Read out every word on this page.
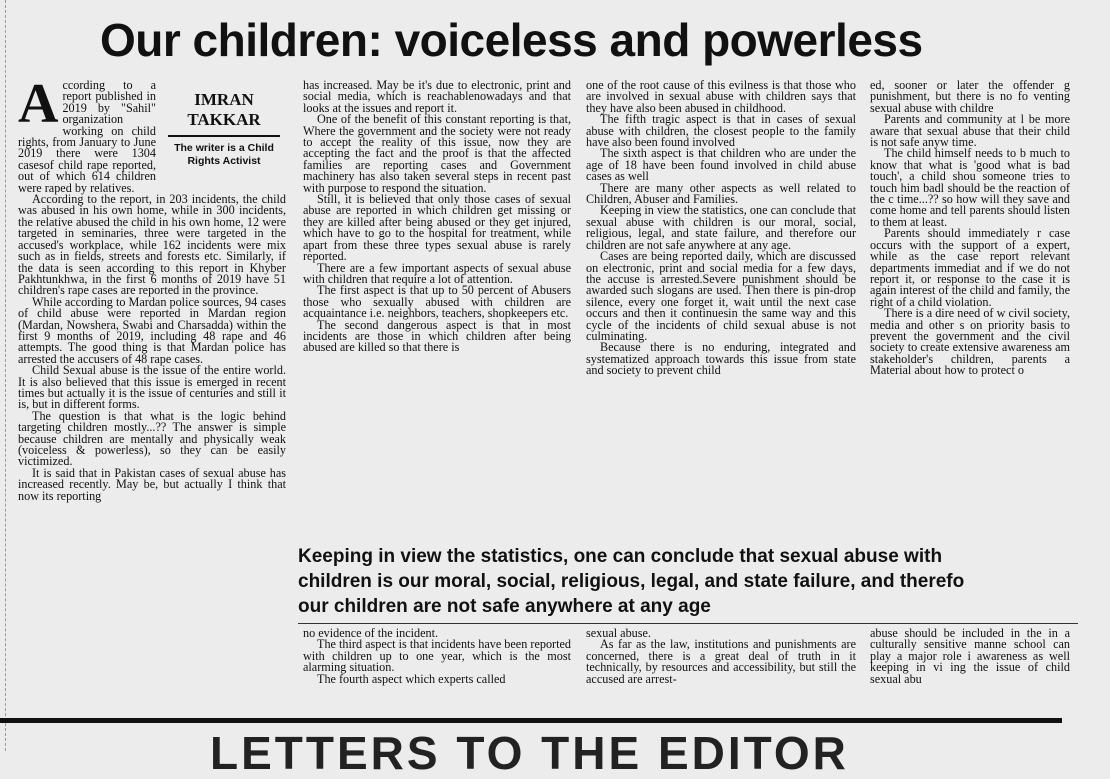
Our children: voiceless and powerless
IMRAN
TAKKAR
The writer is a Child Rights Activist

According to a report published in 2019 by "Sahil" organization working on child rights, from January to June 2019 there were 1304 casesof child rape reported, out of which 614 children were raped by relatives.

According to the report, in 203 incidents, the child was abused in his own home, while in 300 incidents, the relative abused the child in his own home, 12 were targeted in seminaries, three were targeted in the accused's workplace, while 162 incidents were mix such as in fields, streets and forests etc. Similarly, if the data is seen according to this report in Khyber Pakhtunkhwa, in the first 6 months of 2019 have 51 children's rape cases are reported in the province.

While according to Mardan police sources, 94 cases of child abuse were reported in Mardan region (Mardan, Nowshera, Swabi and Charsadda) within the first 9 months of 2019, including 48 rape and 46 attempts. The good thing is that Mardan police has arrested the accusers of 48 rape cases.

Child Sexual abuse is the issue of the entire world. It is also believed that this issue is emerged in recent times but actually it is the issue of centuries and still it is, but in different forms.

The question is that what is the logic behind targeting children mostly...?? The answer is simple because children are mentally and physically weak (voiceless & powerless), so they can be easily victimized.

It is said that in Pakistan cases of sexual abuse has increased recently. May be, but actually I think that now its reporting

has increased. May be it's due to electronic, print and social media, which is reachablenowadays and that looks at the issues and report it.

One of the benefit of this constant reporting is that, Where the government and the society were not ready to accept the reality of this issue, now they are accepting the fact and the proof is that the affected families are reporting cases and Government machinery has also taken several steps in recent past with purpose to respond the situation.

Still, it is believed that only those cases of sexual abuse are reported in which children get missing or they are killed after being abused or they get injured, which have to go to the hospital for treatment, while apart from these three types sexual abuse is rarely reported.

There are a few important aspects of sexual abuse with children that require a lot of attention.

The first aspect is that up to 50 percent of Abusers those who sexually abused with children are acquaintance i.e. neighbors, teachers, shopkeepers etc.

The second dangerous aspect is that in most incidents are those in which children after being abused are killed so that there is

one of the root cause of this evilness is that those who are involved in sexual abuse with children says that they have also been abused in childhood.

The fifth tragic aspect is that in cases of sexual abuse with children, the closest people to the family have also been found involved

The sixth aspect is that children who are under the age of 18 have been found involved in child abuse cases as well

There are many other aspects as well related to Children, Abuser and Families.

Keeping in view the statistics, one can conclude that sexual abuse with children is our moral, social, religious, legal, and state failure, and therefore our children are not safe anywhere at any age.

Cases are being reported daily, which are discussed on electronic, print and social media for a few days, the accuse is arrested.Severe punishment should be awarded such slogans are used. Then there is pin-drop silence, every one forget it, wait until the next case occurs and then it continuesin the same way and this cycle of the incidents of child sexual abuse is not culminating.

Because there is no enduring, integrated and systematized approach towards this issue from state and society to prevent child

ed, sooner or later the offender g punishment, but there is no fo venting sexual abuse with childre

Parents and community at l be more aware that sexual abuse that their child is not safe anyw time.

The child himself needs to b much to know that what is 'good what is bad touch', a child shou someone tries to touch him badl should be the reaction of the c time...?? so how will they save and come home and tell parents should listen to them at least.

Parents should immediately r case occurs with the support of a expert, while as the case report relevant departments immediat and if we do not report it, or response to the case it is again interest of the child and family, the right of a child violation.

There is a dire need of w civil society, media and other s on priority basis to prevent the government and the civil society to create extensive awareness am stakeholder's children, parents a Material about how to protect o

Keeping in view the statistics, one can conclude that sexual abuse with
children is our moral, social, religious, legal, and state failure, and therefo
our children are not safe anywhere at any age

no evidence of the incident.

The third aspect is that incidents have been reported with children up to one year, which is the most alarming situation.

The fourth aspect which experts called

sexual abuse.

As far as the law, institutions and punishments are concerned, there is a great deal of truth in it technically, by resources and accessibility, but still the accused are arrest-

abuse should be included in the in a culturally sensitive manne school can play a major role i awareness as well keeping in vi ing the issue of child sexual abu

LETTERS TO THE EDITOR
